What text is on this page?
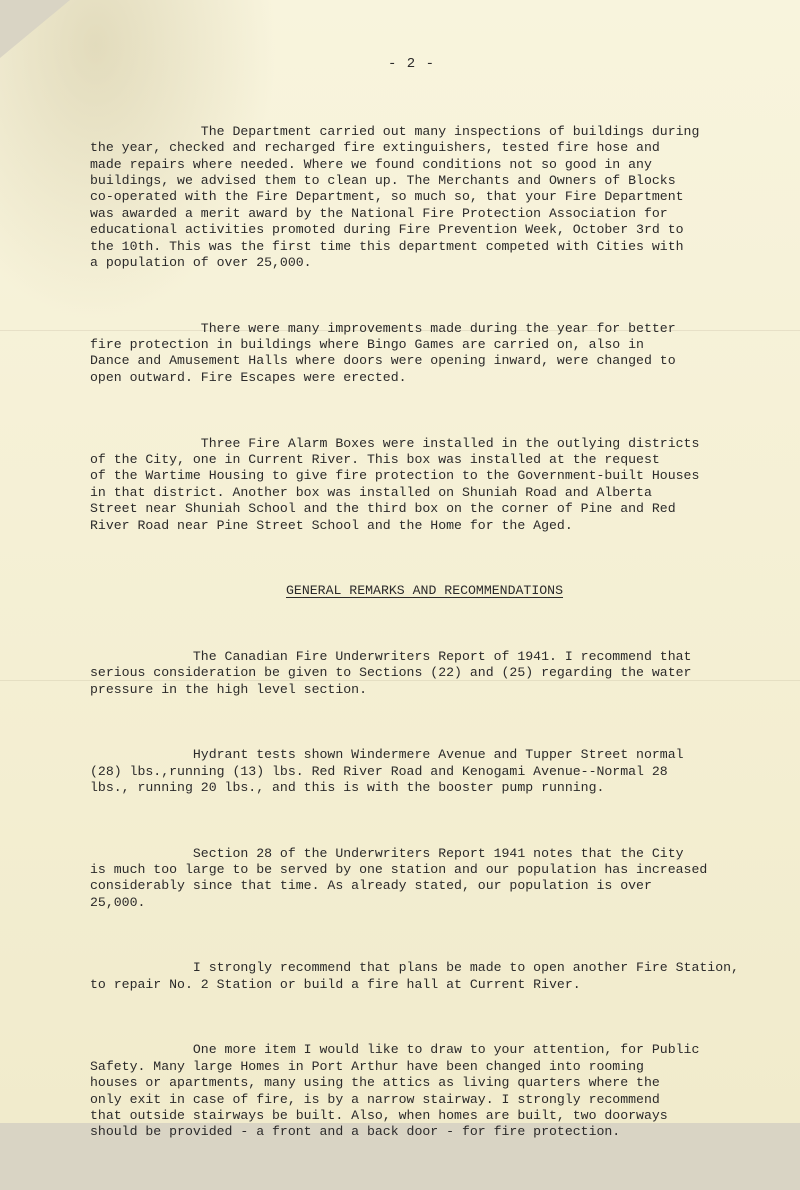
- 2 -

The Department carried out many inspections of buildings during
the year, checked and recharged fire extinguishers, tested fire hose and
made repairs where needed. Where we found conditions not so good in any
buildings, we advised them to clean up. The Merchants and Owners of Blocks
co-operated with the Fire Department, so much so, that your Fire Department
was awarded a merit award by the National Fire Protection Association for
educational activities promoted during Fire Prevention Week, October 3rd to
the 10th. This was the first time this department competed with Cities with
a population of over 25,000.

There were many improvements made during the year for better
fire protection in buildings where Bingo Games are carried on, also in
Dance and Amusement Halls where doors were opening inward, were changed to
open outward. Fire Escapes were erected.

Three Fire Alarm Boxes were installed in the outlying districts
of the City, one in Current River. This box was installed at the request
of the Wartime Housing to give fire protection to the Government-built Houses
in that district. Another box was installed on Shuniah Road and Alberta
Street near Shuniah School and the third box on the corner of Pine and Red
River Road near Pine Street School and the Home for the Aged.

GENERAL REMARKS AND RECOMMENDATIONS

The Canadian Fire Underwriters Report of 1941. I recommend that
serious consideration be given to Sections (22) and (25) regarding the water
pressure in the high level section.

Hydrant tests shown Windermere Avenue and Tupper Street normal
(28) lbs.,running (13) lbs. Red River Road and Kenogami Avenue--Normal 28
lbs., running 20 lbs., and this is with the booster pump running.

Section 28 of the Underwriters Report 1941 notes that the City
is much too large to be served by one station and our population has increased
considerably since that time. As already stated, our population is over
25,000.

I strongly recommend that plans be made to open another Fire Station,
to repair No. 2 Station or build a fire hall at Current River.

One more item I would like to draw to your attention, for Public
Safety. Many large Homes in Port Arthur have been changed into rooming
houses or apartments, many using the attics as living quarters where the
only exit in case of fire, is by a narrow stairway. I strongly recommend
that outside stairways be built. Also, when homes are built, two doorways
should be provided - a front and a back door - for fire protection.
